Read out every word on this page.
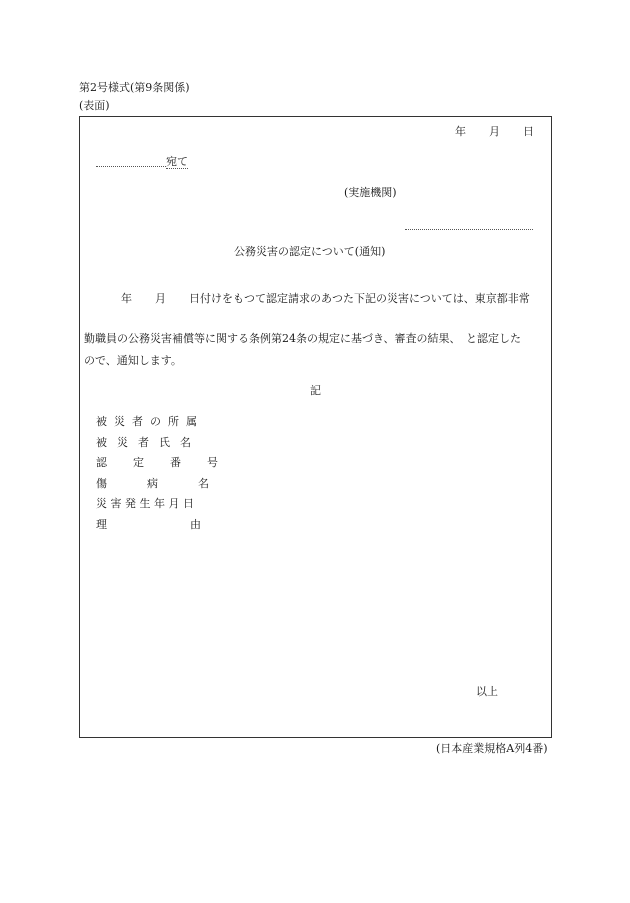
第2号様式(第9条関係)
(表面)
年 月 日
宛て
(実施機関)
公務災害の認定について(通知)
年 月 日付けをもつて認定請求のあつた下記の災害については、東京都非常
勤職員の公務災害補償等に関する条例第24条の規定に基づき、審査の結果、　と認定した
ので、通知します。
記
被災者の所属
被災者氏名
認定番号
傷病名
災害発生年月日
理由
以上
(日本産業規格A列4番)
